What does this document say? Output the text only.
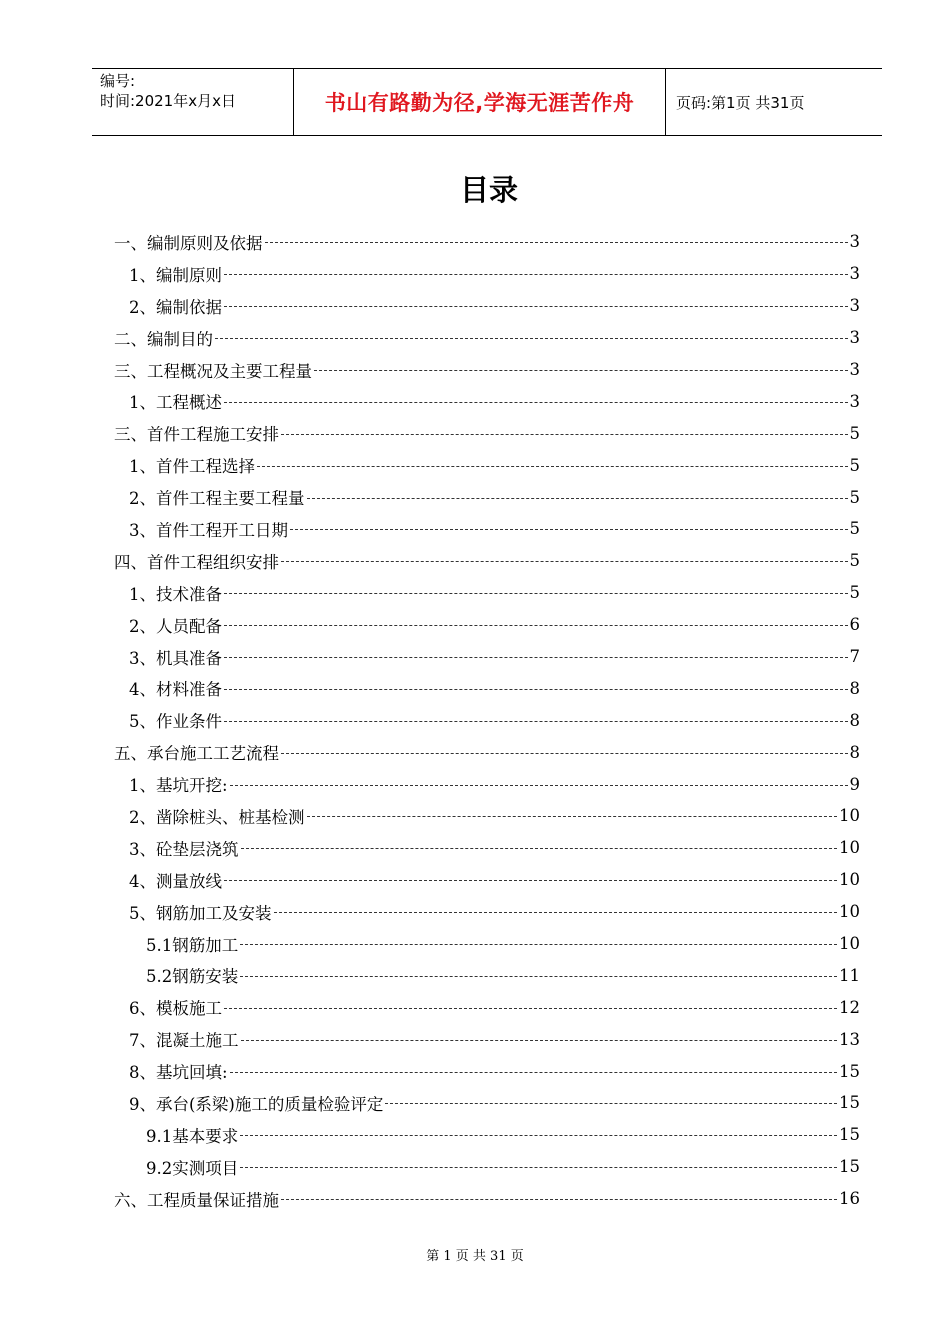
编号:
时间:2021年x月x日	书山有路勤为径,学海无涯苦作舟	页码:第1页 共31页
目录
一、编制原则及依据	3
1、编制原则	3
2、编制依据	3
二、编制目的	3
三、工程概况及主要工程量	3
1、工程概述	3
三、首件工程施工安排	5
1、首件工程选择	5
2、首件工程主要工程量	5
3、首件工程开工日期	5
四、首件工程组织安排	5
1、技术准备	5
2、人员配备	6
3、机具准备	7
4、材料准备	8
5、作业条件	8
五、承台施工工艺流程	8
1、基坑开挖:	9
2、凿除桩头、桩基检测	10
3、砼垫层浇筑	10
4、测量放线	10
5、钢筋加工及安装	10
5.1钢筋加工	10
5.2钢筋安装	11
6、模板施工	12
7、混凝土施工	13
8、基坑回填:	15
9、承台(系梁)施工的质量检验评定	15
9.1基本要求	15
9.2实测项目	15
六、工程质量保证措施	16
第 1 页 共 31 页
